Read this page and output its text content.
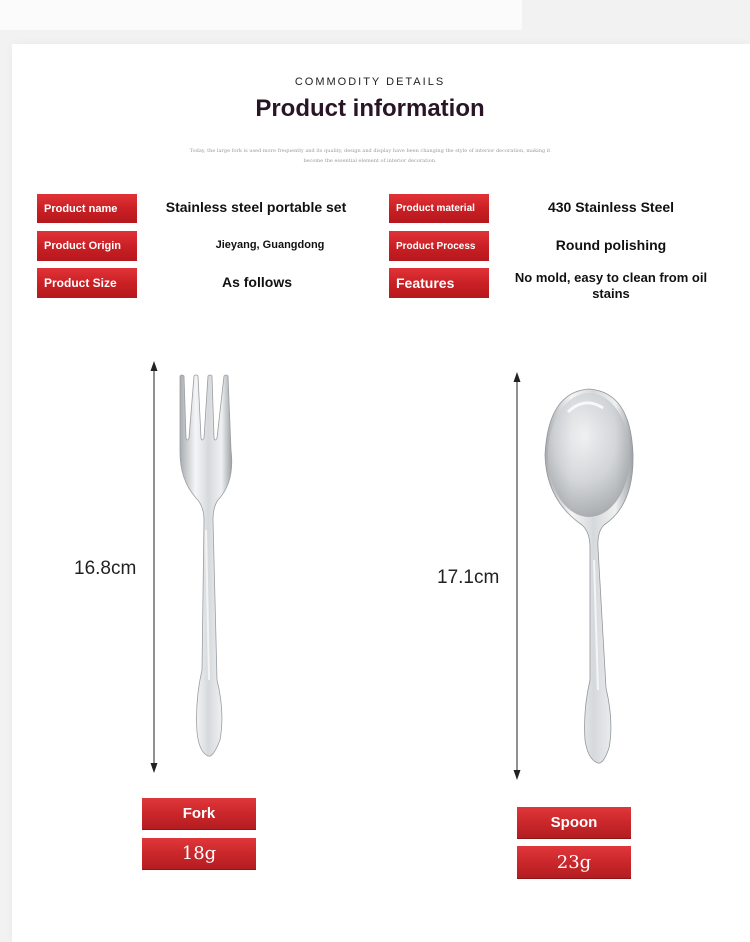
COMMODITY DETAILS
Product information
Today, the large fork is used more frequently and its quality, design and display have been changing the style of interior decoration, making it become the essential element of interior decoration.
Product name	Stainless steel portable set	Product material	430 Stainless Steel
Product Origin	Jieyang, Guangdong	Product Process	Round polishing
Product Size	As follows	Features	No mold, easy to clean from oil stains
16.8cm	17.1cm
Fork
18g
Spoon
23g
